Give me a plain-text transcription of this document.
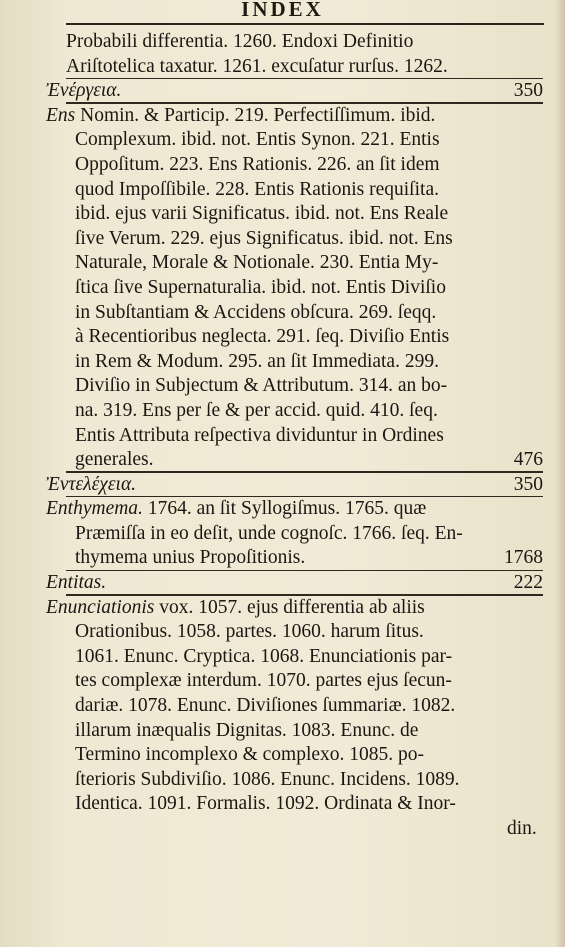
INDEX
Probabili differentia. 1260. Endoxi Definitio
Ariſtotelica taxatur. 1261. excuſatur rurſus. 1262.
Ἐνέργεια.	350
Ens Nomin. & Particip. 219. Perfectiſſimum. ibid.
Complexum. ibid. not. Entis Synon. 221. Entis
Oppoſitum. 223. Ens Rationis. 226. an ſit idem
quod Impoſſibile. 228. Entis Rationis requiſita.
ibid. ejus varii Significatus. ibid. not. Ens Reale
ſive Verum. 229. ejus Significatus. ibid. not. Ens
Naturale, Morale & Notionale. 230. Entia My-
ſtica ſive Supernaturalia. ibid. not. Entis Diviſio
in Subſtantiam & Accidens obſcura. 269. ſeqq.
à Recentioribus neglecta. 291. ſeq. Diviſio Entis
in Rem & Modum. 295. an ſit Immediata. 299.
Diviſio in Subjectum & Attributum. 314. an bo-
na. 319. Ens per ſe & per accid. quid. 410. ſeq.
Entis Attributa reſpectiva dividuntur in Ordines
generales.	476
Ἐντελέχεια.	350
Enthymema. 1764. an ſit Syllogiſmus. 1765. quæ
Præmiſſa in eo deſit, unde cognoſc. 1766. ſeq. En-
thymema unius Propoſitionis.	1768
Entitas.	222
Enunciationis vox. 1057. ejus differentia ab aliis
Orationibus. 1058. partes. 1060. harum ſitus.
1061. Enunc. Cryptica. 1068. Enunciationis par-
tes complexæ interdum. 1070. partes ejus ſecun-
dariæ. 1078. Enunc. Diviſiones ſummariæ. 1082.
illarum inæqualis Dignitas. 1083. Enunc. de
Termino incomplexo & complexo. 1085. po-
ſterioris Subdiviſio. 1086. Enunc. Incidens. 1089.
Identica. 1091. Formalis. 1092. Ordinata & Inor-
din.
